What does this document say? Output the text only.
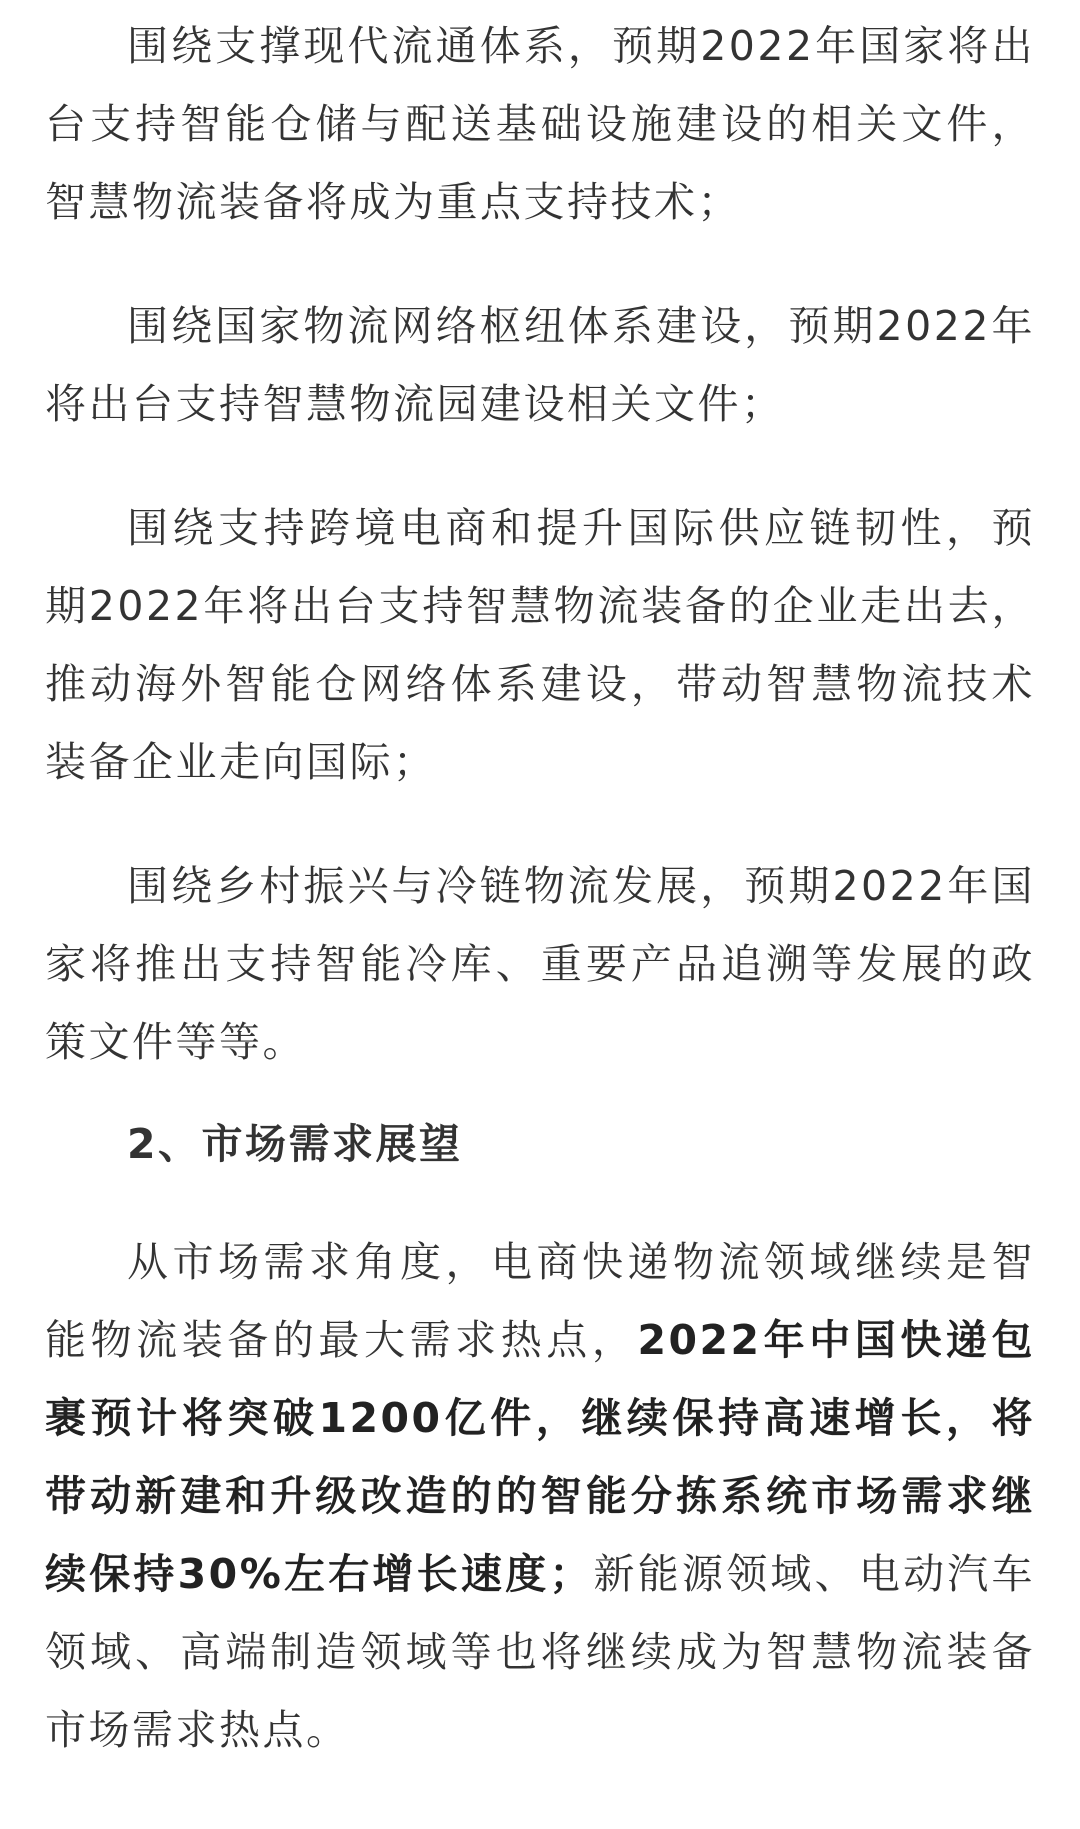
围绕支撑现代流通体系，预期2022年国家将出台支持智能仓储与配送基础设施建设的相关文件，智慧物流装备将成为重点支持技术；

围绕国家物流网络枢纽体系建设，预期2022年将出台支持智慧物流园建设相关文件；

围绕支持跨境电商和提升国际供应链韧性，预期2022年将出台支持智慧物流装备的企业走出去，推动海外智能仓网络体系建设，带动智慧物流技术装备企业走向国际；

围绕乡村振兴与冷链物流发展，预期2022年国家将推出支持智能冷库、重要产品追溯等发展的政策文件等等。

2、市场需求展望

从市场需求角度，电商快递物流领域继续是智能物流装备的最大需求热点，2022年中国快递包裹预计将突破1200亿件，继续保持高速增长，将带动新建和升级改造的的智能分拣系统市场需求继续保持30%左右增长速度；新能源领域、电动汽车领域、高端制造领域等也将继续成为智慧物流装备市场需求热点。
